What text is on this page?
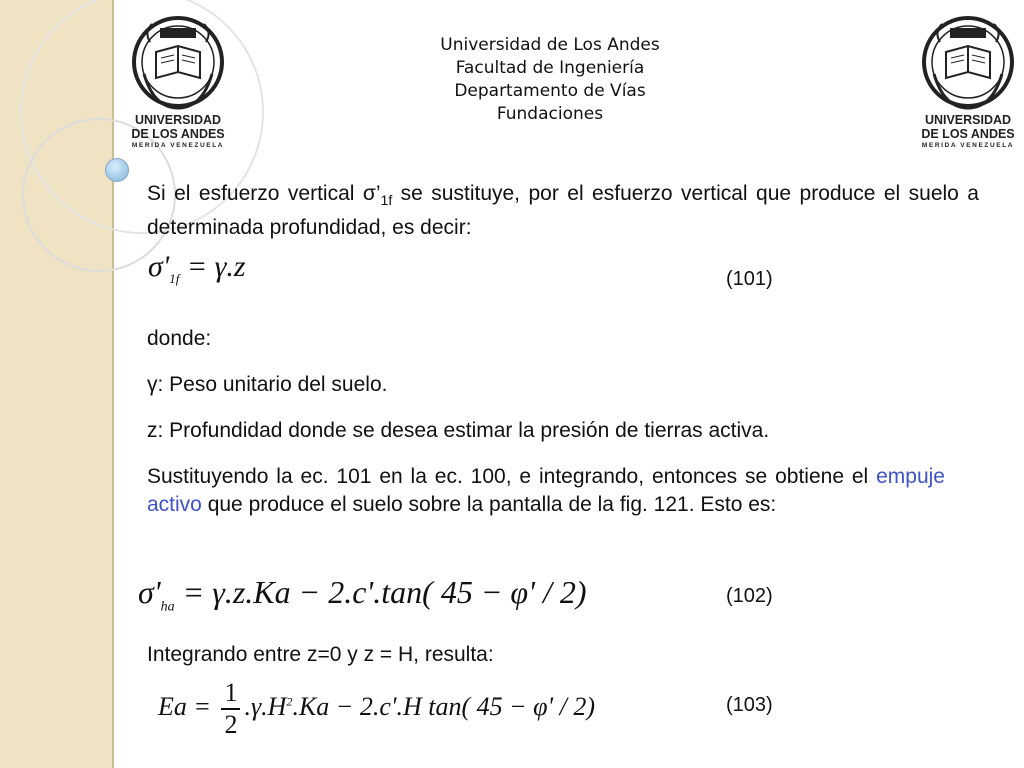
UNIVERSIDAD
DE LOS ANDES
MERIDA VENEZUELA
UNIVERSIDAD
DE LOS ANDES
MERIDA VENEZUELA
Universidad de Los Andes
Facultad de Ingeniería
Departamento de Vías
Fundaciones
Si el esfuerzo vertical $\sigma’_{1f}$ se sustituye, por el esfuerzo vertical que produce el suelo a determinada profundidad, es decir:
$\sigma'_{1f} = \gamma.z$	(101)
donde:
γ: Peso unitario del suelo.
z: Profundidad donde se desea estimar la presión de tierras activa.
Sustituyendo la ec. 101 en la ec. 100, e integrando, entonces se obtiene el empuje activo que produce el suelo sobre la pantalla de la fig. 121. Esto es:
$\sigma'_{ha} = \gamma.z.Ka - 2.c'.\tan$( 45 − φ' / 2)	(102)
Integrando entre z=0 y z = H, resulta:
$Ea = \frac{1}{2} .\gamma.H^2.Ka - 2.c'.H$ tan( 45 − φ' / 2)	(103)
